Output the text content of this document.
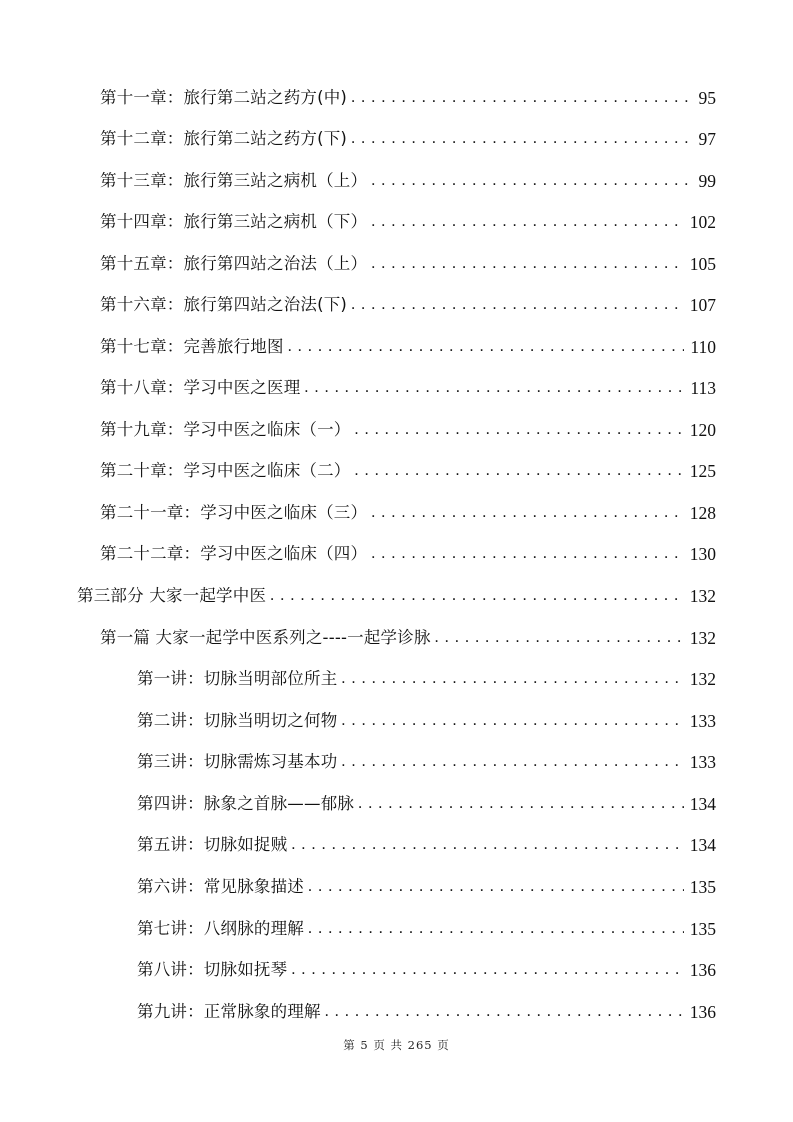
第十一章：旅行第二站之药方(中) . . .	95
第十二章：旅行第二站之药方(下) . . .	97
第十三章：旅行第三站之病机（上） . . .	99
第十四章：旅行第三站之病机（下） . . .	102
第十五章：旅行第四站之治法（上） . . .	105
第十六章：旅行第四站之治法(下) . . .	107
第十七章：完善旅行地图 . . .	110
第十八章：学习中医之医理 . . .	113
第十九章：学习中医之临床（一） . . .	120
第二十章：学习中医之临床（二） . . .	125
第二十一章：学习中医之临床（三） . . .	128
第二十二章：学习中医之临床（四） . . .	130
第三部分 大家一起学中医 . . .	132
第一篇 大家一起学中医系列之----一起学诊脉 . . .	132
第一讲：切脉当明部位所主 . . .	132
第二讲：切脉当明切之何物 . . .	133
第三讲：切脉需炼习基本功 . . .	133
第四讲：脉象之首脉——郁脉 . . .	134
第五讲：切脉如捉贼 . . .	134
第六讲：常见脉象描述 . . .	135
第七讲：八纲脉的理解 . . .	135
第八讲：切脉如抚琴 . . .	136
第九讲：正常脉象的理解 . . .	136
第 5 页 共 265 页
